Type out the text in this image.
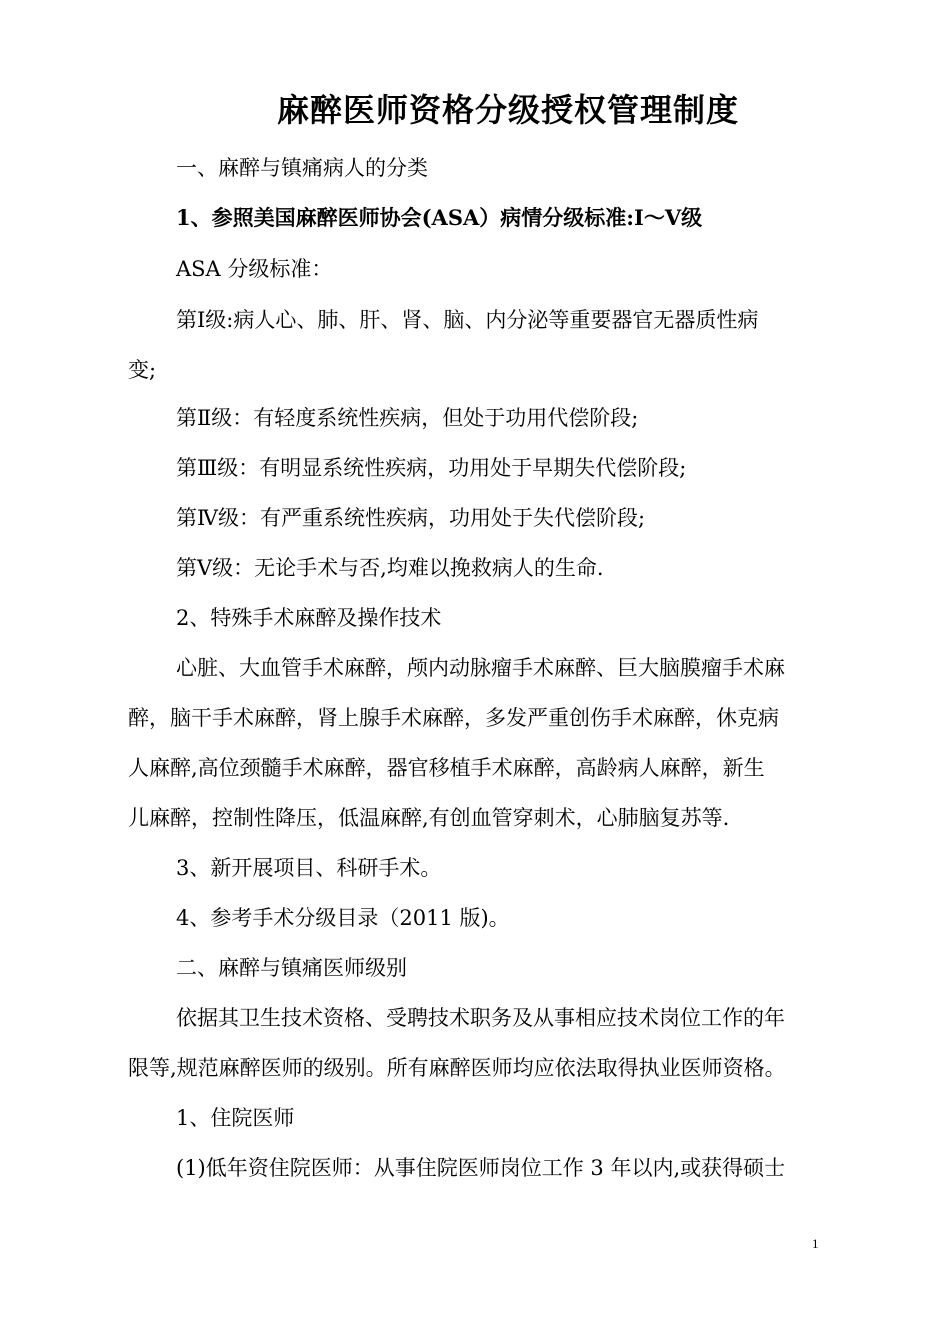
麻醉医师资格分级授权管理制度
一、麻醉与镇痛病人的分类
1、参照美国麻醉医师协会(ASA）病情分级标准:Ⅰ～Ⅴ级
ASA 分级标准：
第Ⅰ级:病人心、肺、肝、肾、脑、内分泌等重要器官无器质性病
变;
第Ⅱ级：有轻度系统性疾病，但处于功用代偿阶段;
第Ⅲ级：有明显系统性疾病，功用处于早期失代偿阶段;
第Ⅳ级：有严重系统性疾病，功用处于失代偿阶段;
第Ⅴ级：无论手术与否,均难以挽救病人的生命.
2、特殊手术麻醉及操作技术
心脏、大血管手术麻醉，颅内动脉瘤手术麻醉、巨大脑膜瘤手术麻
醉，脑干手术麻醉，肾上腺手术麻醉，多发严重创伤手术麻醉，休克病
人麻醉,高位颈髓手术麻醉，器官移植手术麻醉，高龄病人麻醉，新生
儿麻醉，控制性降压，低温麻醉,有创血管穿刺术，心肺脑复苏等.
3、新开展项目、科研手术。
4、参考手术分级目录（2011 版)。
二、麻醉与镇痛医师级别
依据其卫生技术资格、受聘技术职务及从事相应技术岗位工作的年
限等,规范麻醉医师的级别。所有麻醉医师均应依法取得执业医师资格。
1、住院医师
(1)低年资住院医师：从事住院医师岗位工作 3 年以内,或获得硕士
1
